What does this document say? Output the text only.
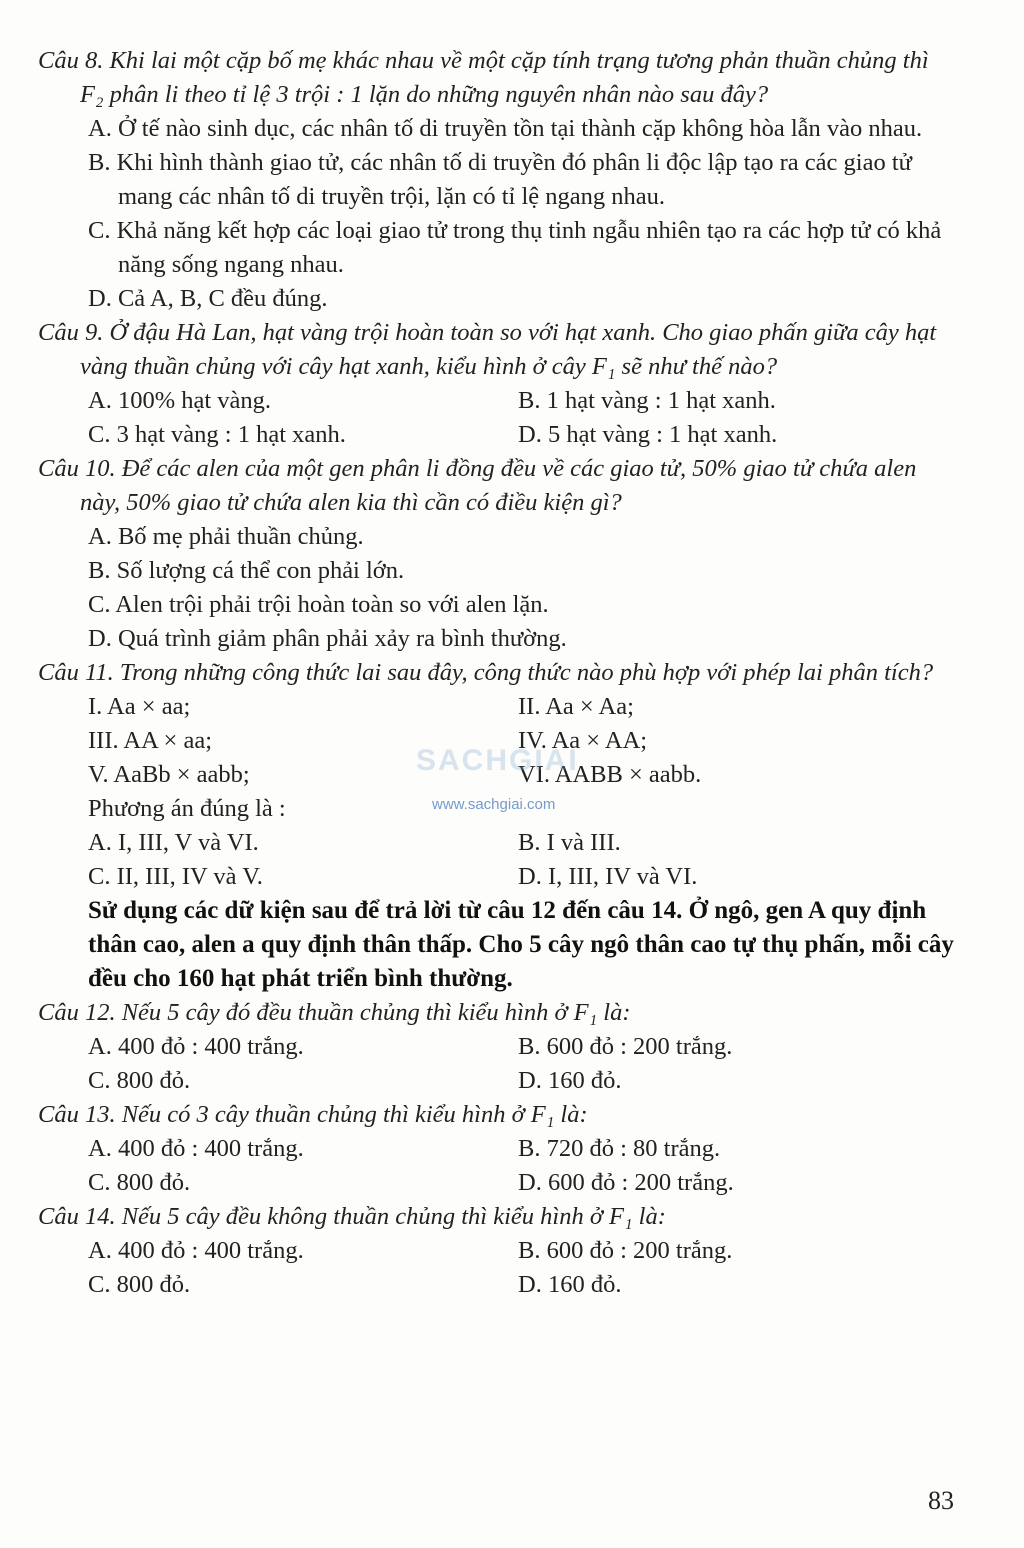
Câu 8. Khi lai một cặp bố mẹ khác nhau về một cặp tính trạng tương phản thuần chủng thì F₂ phân li theo tỉ lệ 3 trội : 1 lặn do những nguyên nhân nào sau đây?

A. Ở tế nào sinh dục, các nhân tố di truyền tồn tại thành cặp không hòa lẫn vào nhau.

B. Khi hình thành giao tử, các nhân tố di truyền đó phân li độc lập tạo ra các giao tử mang các nhân tố di truyền trội, lặn có tỉ lệ ngang nhau.

C. Khả năng kết hợp các loại giao tử trong thụ tinh ngẫu nhiên tạo ra các hợp tử có khả năng sống ngang nhau.

D. Cả A, B, C đều đúng.

Câu 9. Ở đậu Hà Lan, hạt vàng trội hoàn toàn so với hạt xanh. Cho giao phấn giữa cây hạt vàng thuần chủng với cây hạt xanh, kiểu hình ở cây F₁ sẽ như thế nào?

A. 100% hạt vàng.	B. 1 hạt vàng : 1 hạt xanh.
C. 3 hạt vàng : 1 hạt xanh.	D. 5 hạt vàng : 1 hạt xanh.

Câu 10. Để các alen của một gen phân li đồng đều về các giao tử, 50% giao tử chứa alen này, 50% giao tử chứa alen kia thì cần có điều kiện gì?

A. Bố mẹ phải thuần chủng.

B. Số lượng cá thể con phải lớn.

C. Alen trội phải trội hoàn toàn so với alen lặn.

D. Quá trình giảm phân phải xảy ra bình thường.

Câu 11. Trong những công thức lai sau đây, công thức nào phù hợp với phép lai phân tích?

I. Aa × aa;	II. Aa × Aa;
III. AA × aa;	IV. Aa × AA;
V. AaBb × aabb;	VI. AABB × aabb.

Phương án đúng là :

A. I, III, V và VI.	B. I và III.
C. II, III, IV và V.	D. I, III, IV và VI.

Sử dụng các dữ kiện sau để trả lời từ câu 12 đến câu 14. Ở ngô, gen A quy định thân cao, alen a quy định thân thấp. Cho 5 cây ngô thân cao tự thụ phấn, mỗi cây đều cho 160 hạt phát triển bình thường.

Câu 12. Nếu 5 cây đó đều thuần chủng thì kiểu hình ở F₁ là:

A. 400 đỏ : 400 trắng.	B. 600 đỏ : 200 trắng.
C. 800 đỏ.	D. 160 đỏ.

Câu 13. Nếu có 3 cây thuần chủng thì kiểu hình ở F₁ là:

A. 400 đỏ : 400 trắng.	B. 720 đỏ : 80 trắng.
C. 800 đỏ.	D. 600 đỏ : 200 trắng.

Câu 14. Nếu 5 cây đều không thuần chủng thì kiểu hình ở F₁ là:

A. 400 đỏ : 400 trắng.	B. 600 đỏ : 200 trắng.
C. 800 đỏ.	D. 160 đỏ.
SACHGIAI
www.sachgiai.com
83
